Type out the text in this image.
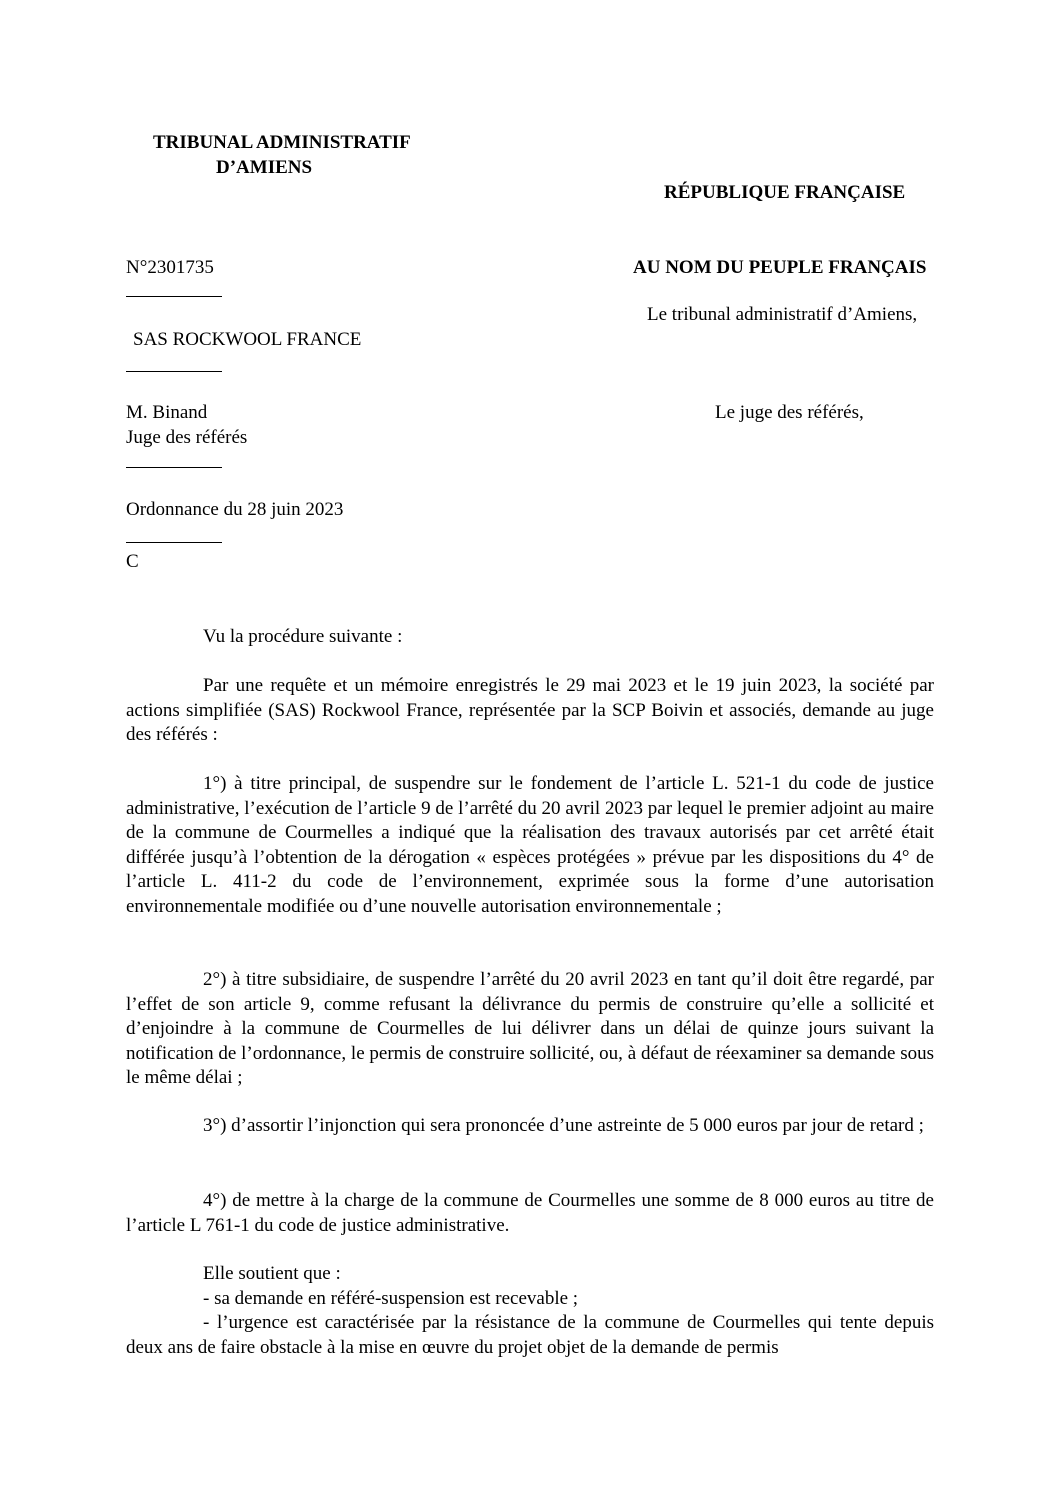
TRIBUNAL ADMINISTRATIF
D’AMIENS
RÉPUBLIQUE FRANÇAISE
N°2301735	AU NOM DU PEUPLE FRANÇAIS
Le tribunal administratif d’Amiens,
SAS ROCKWOOL FRANCE
M. Binand	Le juge des référés,
Juge des référés
Ordonnance du 28 juin 2023
C
Vu la procédure suivante :
Par une requête et un mémoire enregistrés le 29 mai 2023 et le 19 juin 2023, la société par actions simplifiée (SAS) Rockwool France, représentée par la SCP Boivin et associés, demande au juge des référés :
1°) à titre principal, de suspendre sur le fondement de l’article L. 521-1 du code de justice administrative, l’exécution de l’article 9 de l’arrêté du 20 avril 2023 par lequel le premier adjoint au maire de la commune de Courmelles a indiqué que la réalisation des travaux autorisés par cet arrêté était différée jusqu’à l’obtention de la dérogation « espèces protégées » prévue par les dispositions du 4° de l’article L. 411-2 du code de l’environnement, exprimée sous la forme d’une autorisation environnementale modifiée ou d’une nouvelle autorisation environnementale ;
2°) à titre subsidiaire, de suspendre l’arrêté du 20 avril 2023 en tant qu’il doit être regardé, par l’effet de son article 9, comme refusant la délivrance du permis de construire qu’elle a sollicité et d’enjoindre à la commune de Courmelles de lui délivrer dans un délai de quinze jours suivant la notification de l’ordonnance, le permis de construire sollicité, ou, à défaut de réexaminer sa demande sous le même délai ;
3°) d’assortir l’injonction qui sera prononcée d’une astreinte de 5 000 euros par jour de retard ;
4°) de mettre à la charge de la commune de Courmelles une somme de 8 000 euros au titre de l’article L 761-1 du code de justice administrative.
Elle soutient que :
- sa demande en référé-suspension est recevable ;
- l’urgence est caractérisée par la résistance de la commune de Courmelles qui tente depuis deux ans de faire obstacle à la mise en œuvre du projet objet de la demande de permis
